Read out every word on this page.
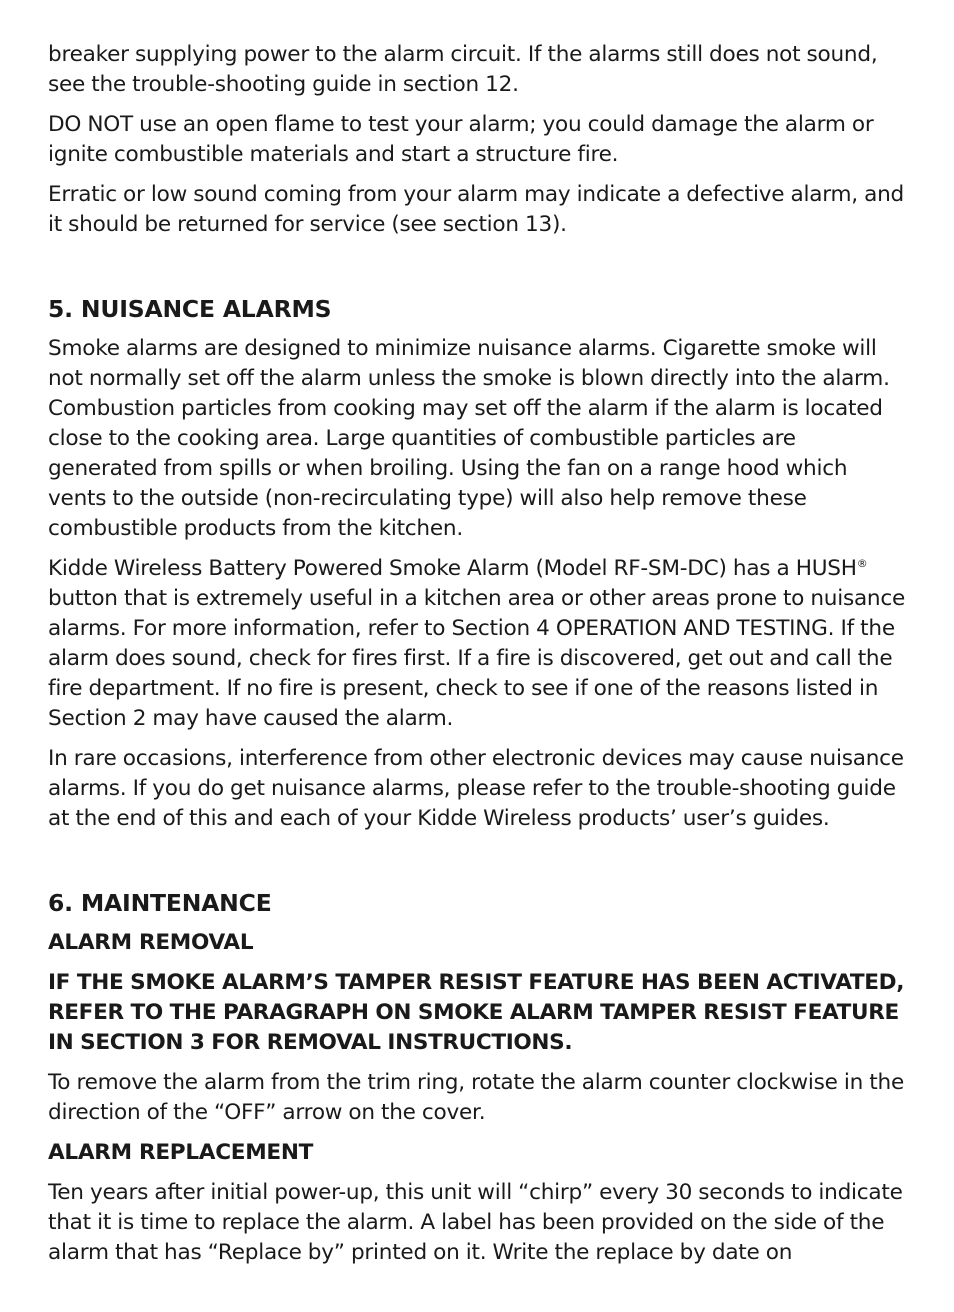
breaker supplying power to the alarm circuit. If the alarms still does not sound, see the trouble-shooting guide in section 12.

DO NOT use an open flame to test your alarm; you could damage the alarm or ignite combustible materials and start a structure fire.

Erratic or low sound coming from your alarm may indicate a defective alarm, and it should be returned for service (see section 13).

5. NUISANCE ALARMS

Smoke alarms are designed to minimize nuisance alarms. Cigarette smoke will not normally set off the alarm unless the smoke is blown directly into the alarm. Combustion particles from cooking may set off the alarm if the alarm is located close to the cooking area. Large quantities of combustible particles are generated from spills or when broiling. Using the fan on a range hood which vents to the outside (non-recirculating type) will also help remove these combustible products from the kitchen.

Kidde Wireless Battery Powered Smoke Alarm (Model RF-SM-DC) has a HUSH® button that is extremely useful in a kitchen area or other areas prone to nuisance alarms. For more information, refer to Section 4 OPERATION AND TESTING. If the alarm does sound, check for fires first. If a fire is discovered, get out and call the fire department. If no fire is present, check to see if one of the reasons listed in Section 2 may have caused the alarm.

In rare occasions, interference from other electronic devices may cause nuisance alarms. If you do get nuisance alarms, please refer to the trouble-shooting guide at the end of this and each of your Kidde Wireless products’ user’s guides.

6. MAINTENANCE
ALARM REMOVAL

IF THE SMOKE ALARM’S TAMPER RESIST FEATURE HAS BEEN ACTIVATED, REFER TO THE PARAGRAPH ON SMOKE ALARM TAMPER RESIST FEATURE IN SECTION 3 FOR REMOVAL INSTRUCTIONS.

To remove the alarm from the trim ring, rotate the alarm counter clockwise in the direction of the “OFF” arrow on the cover.

ALARM REPLACEMENT

Ten years after initial power-up, this unit will “chirp” every 30 seconds to indicate that it is time to replace the alarm. A label has been provided on the side of the alarm that has “Replace by” printed on it. Write the replace by date on
